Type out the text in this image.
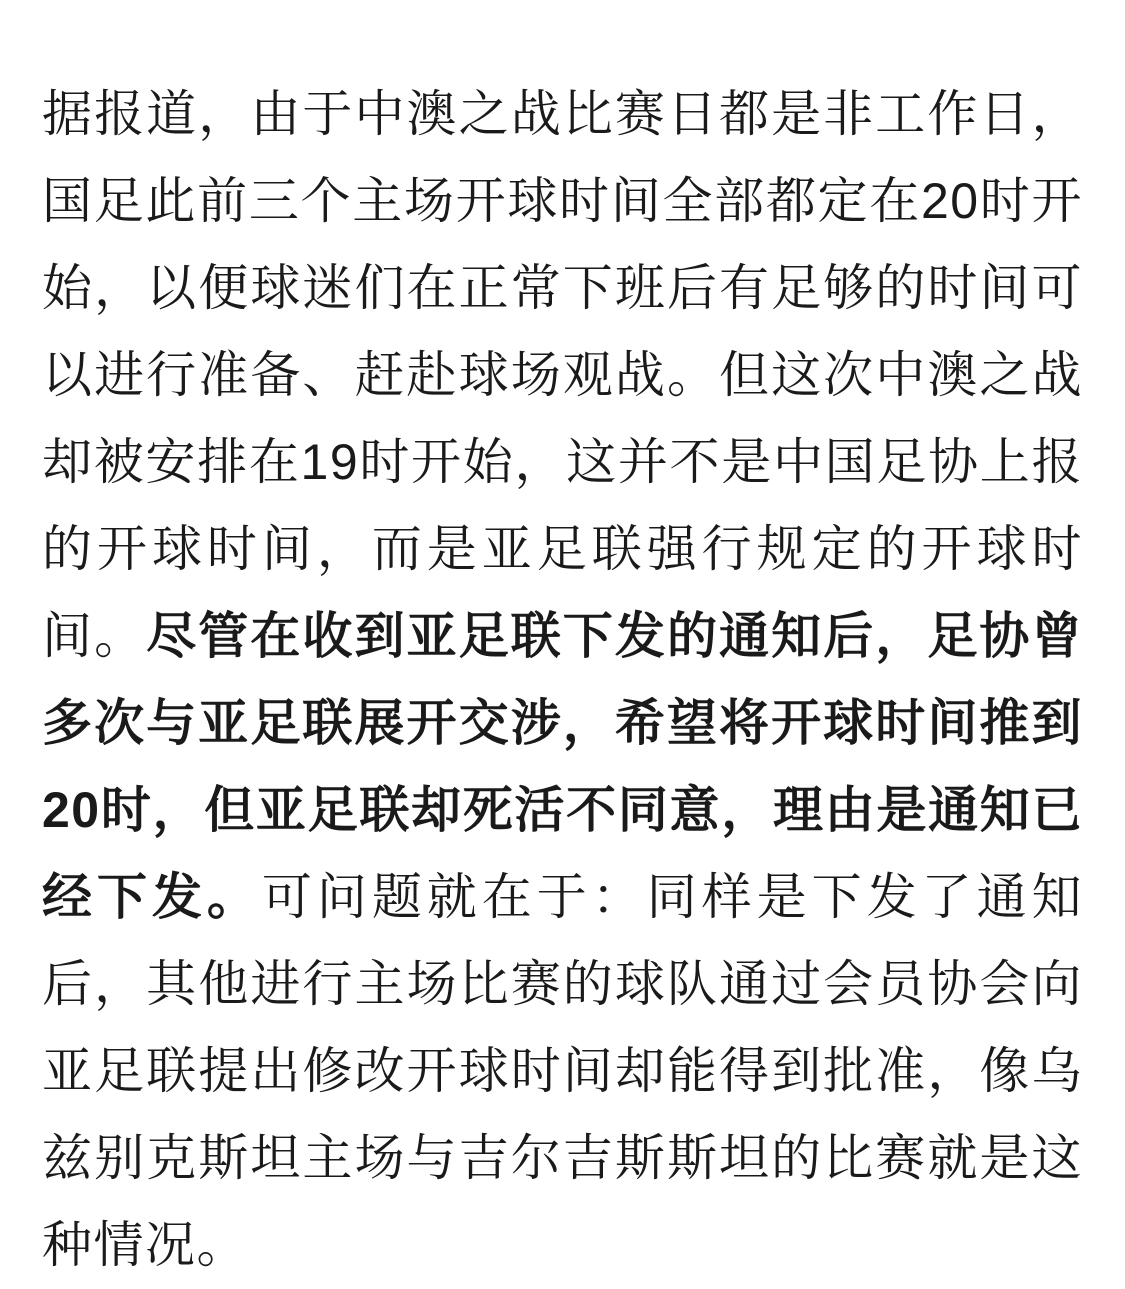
据报道，由于中澳之战比赛日都是非工作日，国足此前三个主场开球时间全部都定在20时开始，以便球迷们在正常下班后有足够的时间可以进行准备、赶赴球场观战。但这次中澳之战却被安排在19时开始，这并不是中国足协上报的开球时间，而是亚足联强行规定的开球时间。尽管在收到亚足联下发的通知后，足协曾多次与亚足联展开交涉，希望将开球时间推到20时，但亚足联却死活不同意，理由是通知已经下发。可问题就在于：同样是下发了通知后，其他进行主场比赛的球队通过会员协会向亚足联提出修改开球时间却能得到批准，像乌兹别克斯坦主场与吉尔吉斯斯坦的比赛就是这种情况。
